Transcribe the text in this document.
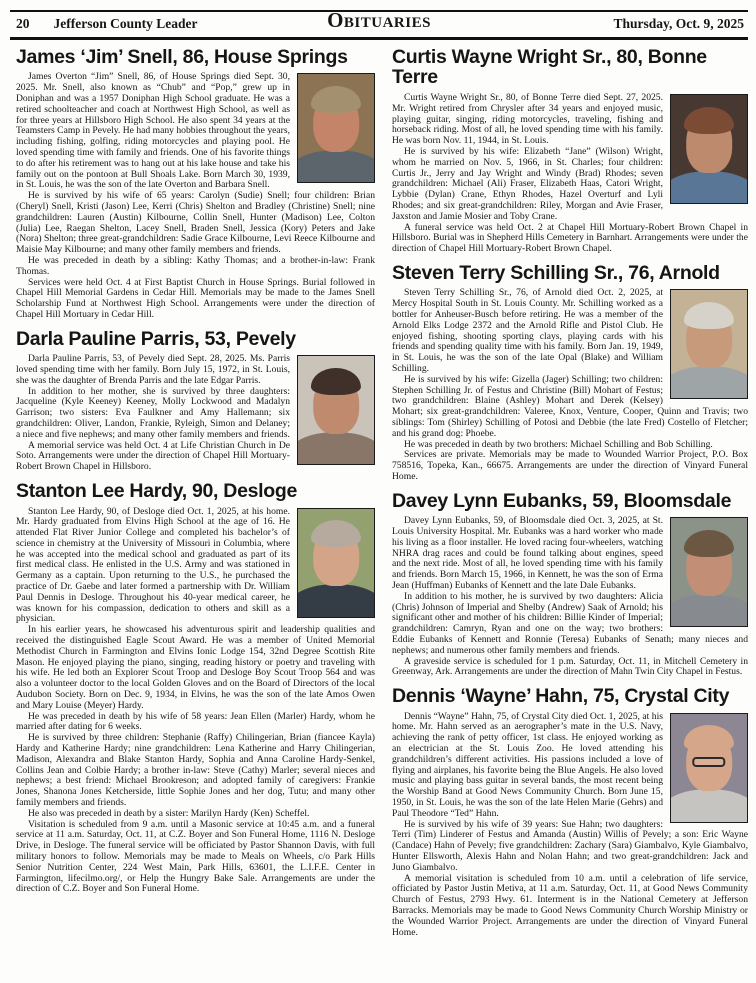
20 Jefferson County Leader	Obituaries	Thursday, Oct. 9, 2025
James ‘Jim’ Snell, 86, House Springs

James Overton “Jim” Snell, 86, of House Springs died Sept. 30, 2025. Mr. Snell, also known as “Chub” and “Pop,” grew up in Doniphan and was a 1957 Doniphan High School graduate. He was a retired schoolteacher and coach at Northwest High School, as well as for three years at Hillsboro High School. He also spent 34 years at the Teamsters Camp in Pevely. He had many hobbies throughout the years, including fishing, golfing, riding motorcycles and playing pool. He loved spending time with family and friends. One of his favorite things to do after his retirement was to hang out at his lake house and take his family out on the pontoon at Bull Shoals Lake. Born March 30, 1939, in St. Louis, he was the son of the late Overton and Barbara Snell.

He is survived by his wife of 65 years: Carolyn (Sudie) Snell; four children: Brian (Cheryl) Snell, Kristi (Jason) Lee, Kerri (Chris) Shelton and Bradley (Christine) Snell; nine grandchildren: Lauren (Austin) Kilbourne, Collin Snell, Hunter (Madison) Lee, Colton (Julia) Lee, Raegan Shelton, Lacey Snell, Braden Snell, Jessica (Kory) Peters and Jake (Nora) Shelton; three great-grandchildren: Sadie Grace Kilbourne, Levi Reece Kilbourne and Maisie May Kilbourne; and many other family members and friends.

He was preceded in death by a sibling: Kathy Thomas; and a brother-in-law: Frank Thomas.

Services were held Oct. 4 at First Baptist Church in House Springs. Burial followed in Chapel Hill Memorial Gardens in Cedar Hill. Memorials may be made to the James Snell Scholarship Fund at Northwest High School. Arrangements were under the direction of Chapel Hill Mortuary in Cedar Hill.

Darla Pauline Parris, 53, Pevely

Darla Pauline Parris, 53, of Pevely died Sept. 28, 2025. Ms. Parris loved spending time with her family. Born July 15, 1972, in St. Louis, she was the daughter of Brenda Parris and the late Edgar Parris.

In addition to her mother, she is survived by three daughters: Jacqueline (Kyle Keeney) Keeney, Molly Lockwood and Madalyn Garrison; two sisters: Eva Faulkner and Amy Hallemann; six grandchildren: Oliver, Landon, Frankie, Ryleigh, Simon and Delaney; a niece and five nephews; and many other family members and friends.

A memorial service was held Oct. 4 at Life Christian Church in De Soto. Arrangements were under the direction of Chapel Hill Mortuary-Robert Brown Chapel in Hillsboro.

Stanton Lee Hardy, 90, Desloge

Stanton Lee Hardy, 90, of Desloge died Oct. 1, 2025, at his home. Mr. Hardy graduated from Elvins High School at the age of 16. He attended Flat River Junior College and completed his bachelor’s of science in chemistry at the University of Missouri in Columbia, where he was accepted into the medical school and graduated as part of its first medical class. He enlisted in the U.S. Army and was stationed in Germany as a captain. Upon returning to the U.S., he purchased the practice of Dr. Gaebe and later formed a partnership with Dr. William Paul Dennis in Desloge. Throughout his 40-year medical career, he was known for his compassion, dedication to others and skill as a physician.

In his earlier years, he showcased his adventurous spirit and leadership qualities and received the distinguished Eagle Scout Award. He was a member of United Memorial Methodist Church in Farmington and Elvins Ionic Lodge 154, 32nd Degree Scottish Rite Mason. He enjoyed playing the piano, singing, reading history or poetry and traveling with his wife. He led both an Explorer Scout Troop and Desloge Boy Scout Troop 564 and was also a volunteer doctor to the local Golden Gloves and on the Board of Directors of the local Audubon Society. Born on Dec. 9, 1934, in Elvins, he was the son of the late Amos Owen and Mary Louise (Meyer) Hardy.

He was preceded in death by his wife of 58 years: Jean Ellen (Marler) Hardy, whom he married after dating for 6 weeks.

He is survived by three children: Stephanie (Raffy) Chilingerian, Brian (fiancee Kayla) Hardy and Katherine Hardy; nine grandchildren: Lena Katherine and Harry Chilingerian, Madison, Alexandra and Blake Stanton Hardy, Sophia and Anna Caroline Hardy-Senkel, Collins Jean and Colbie Hardy; a brother in-law: Steve (Cathy) Marler; several nieces and nephews; a best friend: Michael Brookreson; and adopted family of caregivers: Frankie Jones, Shanona Jones Ketcherside, little Sophie Jones and her dog, Tutu; and many other family members and friends.

He also was preceded in death by a sister: Marilyn Hardy (Ken) Scheffel.

Visitation is scheduled from 9 a.m. until a Masonic service at 10:45 a.m. and a funeral service at 11 a.m. Saturday, Oct. 11, at C.Z. Boyer and Son Funeral Home, 1116 N. Desloge Drive, in Desloge. The funeral service will be officiated by Pastor Shannon Davis, with full military honors to follow. Memorials may be made to Meals on Wheels, c/o Park Hills Senior Nutrition Center, 224 West Main, Park Hills, 63601, the L.I.F.E. Center in Farmington, lifecilmo.org/, or Help the Hungry Bake Sale. Arrangements are under the direction of C.Z. Boyer and Son Funeral Home.

Curtis Wayne Wright Sr., 80, Bonne Terre

Curtis Wayne Wright Sr., 80, of Bonne Terre died Sept. 27, 2025. Mr. Wright retired from Chrysler after 34 years and enjoyed music, playing guitar, singing, riding motorcycles, traveling, fishing and horseback riding. Most of all, he loved spending time with his family. He was born Nov. 11, 1944, in St. Louis.

He is survived by his wife: Elizabeth “Jane” (Wilson) Wright, whom he married on Nov. 5, 1966, in St. Charles; four children: Curtis Jr., Jerry and Jay Wright and Windy (Brad) Rhodes; seven grandchildren: Michael (Ali) Fraser, Elizabeth Haas, Catori Wright, Lybbie (Dylan) Crane, Ethyn Rhodes, Hazel Overturf and Lyli Rhodes; and six great-grandchildren: Riley, Morgan and Avie Fraser, Jaxston and Jamie Mosier and Toby Crane.

A funeral service was held Oct. 2 at Chapel Hill Mortuary-Robert Brown Chapel in Hillsboro. Burial was in Shepherd Hills Cemetery in Barnhart. Arrangements were under the direction of Chapel Hill Mortuary-Robert Brown Chapel.

Steven Terry Schilling Sr., 76, Arnold

Steven Terry Schilling Sr., 76, of Arnold died Oct. 2, 2025, at Mercy Hospital South in St. Louis County. Mr. Schilling worked as a bottler for Anheuser-Busch before retiring. He was a member of the Arnold Elks Lodge 2372 and the Arnold Rifle and Pistol Club. He enjoyed fishing, shooting sporting clays, playing cards with his friends and spending quality time with his family. Born Jan. 19, 1949, in St. Louis, he was the son of the late Opal (Blake) and William Schilling.

He is survived by his wife: Gizella (Jager) Schilling; two children: Stephen Schilling Jr. of Festus and Christine (Bill) Mohart of Festus; two grandchildren: Blaine (Ashley) Mohart and Derek (Kelsey) Mohart; six great-grandchildren: Valeree, Knox, Venture, Cooper, Quinn and Travis; two siblings: Tom (Shirley) Schilling of Potosi and Debbie (the late Fred) Costello of Fletcher; and his grand dog: Phoebe.

He was preceded in death by two brothers: Michael Schilling and Bob Schilling.

Services are private. Memorials may be made to Wounded Warrior Project, P.O. Box 758516, Topeka, Kan., 66675. Arrangements are under the direction of Vinyard Funeral Home.

Davey Lynn Eubanks, 59, Bloomsdale

Davey Lynn Eubanks, 59, of Bloomsdale died Oct. 3, 2025, at St. Louis University Hospital. Mr. Eubanks was a hard worker who made his living as a floor installer. He loved racing four-wheelers, watching NHRA drag races and could be found talking about engines, speed and the next ride. Most of all, he loved spending time with his family and friends. Born March 15, 1966, in Kennett, he was the son of Erma Jean (Huffman) Eubanks of Kennett and the late Dale Eubanks.

In addition to his mother, he is survived by two daughters: Alicia (Chris) Johnson of Imperial and Shelby (Andrew) Saak of Arnold; his significant other and mother of his children: Billie Kinder of Imperial; grandchildren: Camryn, Ryan and one on the way; two brothers: Eddie Eubanks of Kennett and Ronnie (Teresa) Eubanks of Senath; many nieces and nephews; and numerous other family members and friends.

A graveside service is scheduled for 1 p.m. Saturday, Oct. 11, in Mitchell Cemetery in Greenway, Ark. Arrangements are under the direction of Mahn Twin City Chapel in Festus.

Dennis ‘Wayne’ Hahn, 75, Crystal City

Dennis “Wayne” Hahn, 75, of Crystal City died Oct. 1, 2025, at his home. Mr. Hahn served as an aerographer’s mate in the U.S. Navy, achieving the rank of petty officer, 1st class. He enjoyed working as an electrician at the St. Louis Zoo. He loved attending his grandchildren’s different activities. His passions included a love of flying and airplanes, his favorite being the Blue Angels. He also loved music and playing bass guitar in several bands, the most recent being the Worship Band at Good News Community Church. Born June 15, 1950, in St. Louis, he was the son of the late Helen Marie (Gehrs) and Paul Theodore “Ted” Hahn.

He is survived by his wife of 39 years: Sue Hahn; two daughters: Terri (Tim) Linderer of Festus and Amanda (Austin) Willis of Pevely; a son: Eric Wayne (Candace) Hahn of Pevely; five grandchildren: Zachary (Sara) Giambalvo, Kyle Giambalvo, Hunter Ellsworth, Alexis Hahn and Nolan Hahn; and two great-grandchildren: Jack and Juno Giambalvo.

A memorial visitation is scheduled from 10 a.m. until a celebration of life service, officiated by Pastor Justin Metiva, at 11 a.m. Saturday, Oct. 11, at Good News Community Church of Festus, 2793 Hwy. 61. Interment is in the National Cemetery at Jefferson Barracks. Memorials may be made to Good News Community Church Worship Ministry or the Wounded Warrior Project. Arrangements are under the direction of Vinyard Funeral Home.
